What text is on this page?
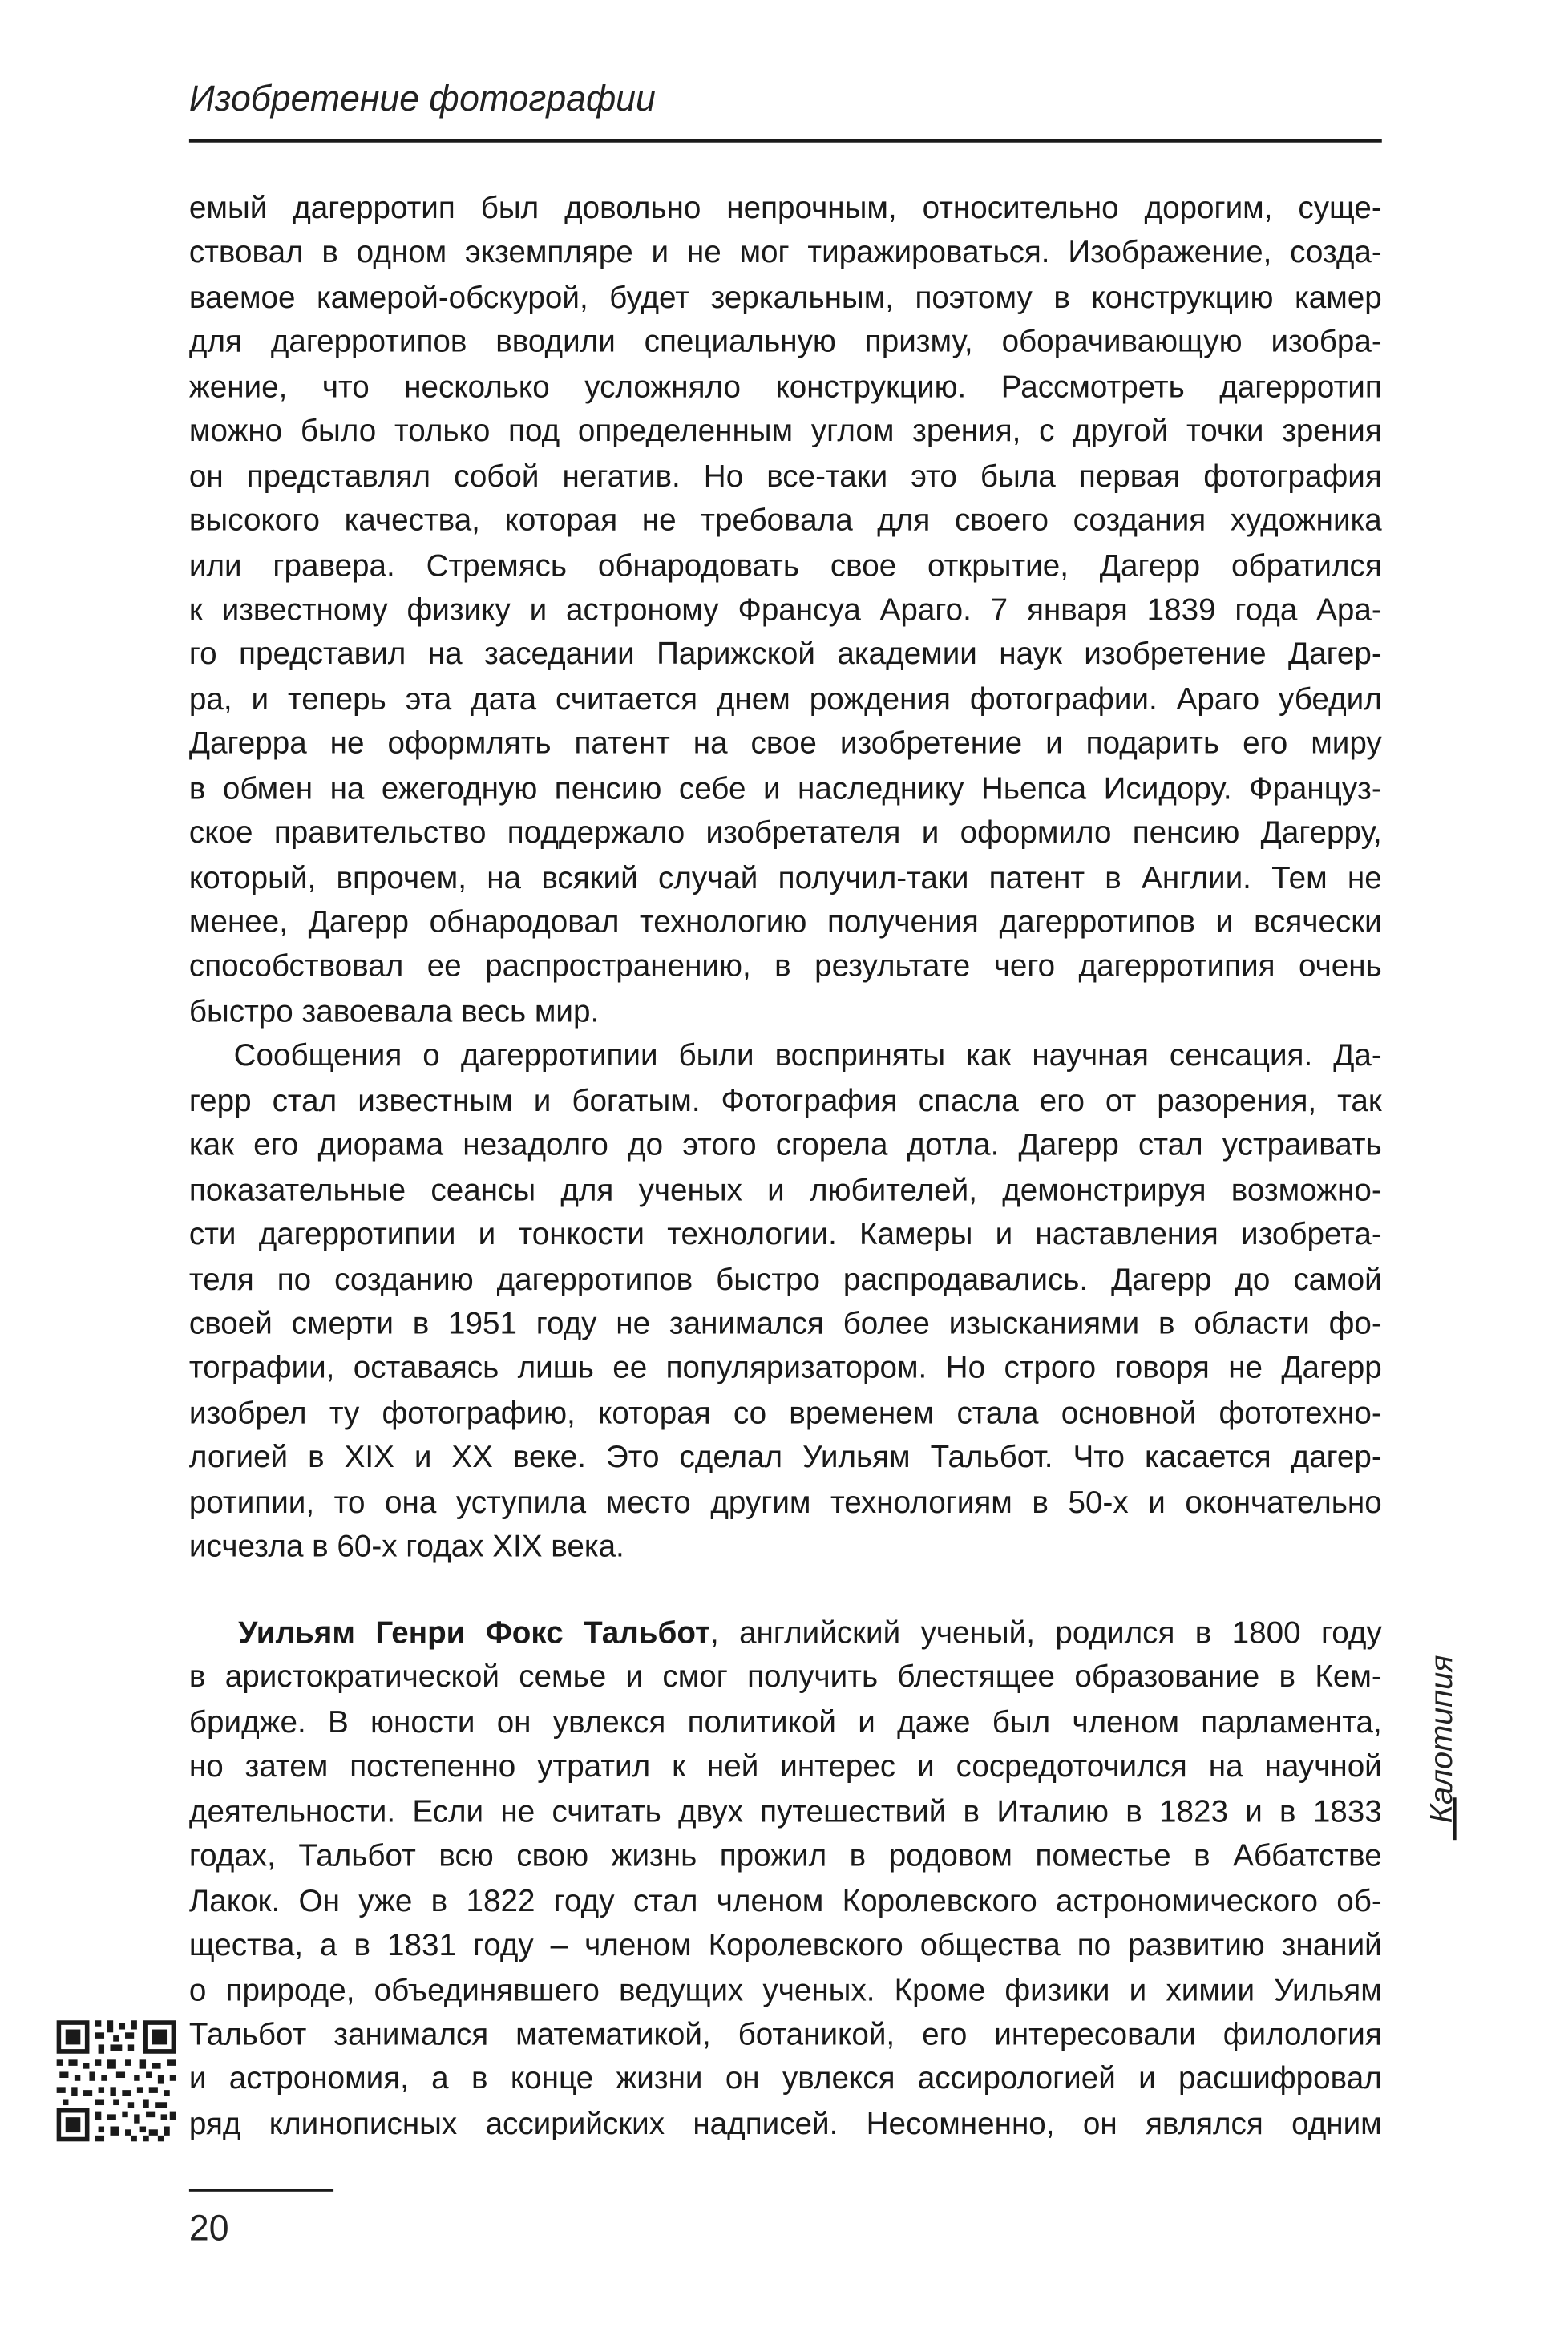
Изобретение фотографии
емый дагерротип был довольно непрочным, относительно дорогим, суще-
ствовал в одном экземпляре и не мог тиражироваться. Изображение, созда-
ваемое камерой-обскурой, будет зеркальным, поэтому в конструкцию камер
для дагерротипов вводили специальную призму, оборачивающую изобра-
жение, что несколько усложняло конструкцию. Рассмотреть дагерротип
можно было только под определенным углом зрения, с другой точки зрения
он представлял собой негатив. Но все-таки это была первая фотография
высокого качества, которая не требовала для своего создания художника
или гравера. Стремясь обнародовать свое открытие, Дагерр обратился
к известному физику и астроному Франсуа Араго. 7 января 1839 года Ара-
го представил на заседании Парижской академии наук изобретение Дагер-
ра, и теперь эта дата считается днем рождения фотографии. Араго убедил
Дагерра не оформлять патент на свое изобретение и подарить его миру
в обмен на ежегодную пенсию себе и наследнику Ньепса Исидору. Француз-
ское правительство поддержало изобретателя и оформило пенсию Дагерру,
который, впрочем, на всякий случай получил-таки патент в Англии. Тем не
менее, Дагерр обнародовал технологию получения дагерротипов и всячески
способствовал ее распространению, в результате чего дагерротипия очень
быстро завоевала весь мир.
Сообщения о дагерротипии были восприняты как научная сенсация. Да-
герр стал известным и богатым. Фотография спасла его от разорения, так
как его диорама незадолго до этого сгорела дотла. Дагерр стал устраивать
показательные сеансы для ученых и любителей, демонстрируя возможно-
сти дагерротипии и тонкости технологии. Камеры и наставления изобрета-
теля по созданию дагерротипов быстро распродавались. Дагерр до самой
своей смерти в 1951 году не занимался более изысканиями в области фо-
тографии, оставаясь лишь ее популяризатором. Но строго говоря не Дагерр
изобрел ту фотографию, которая со временем стала основной фототехно-
логией в XIX и XX веке. Это сделал Уильям Тальбот. Что касается дагер-
ротипии, то она уступила место другим технологиям в 50-х и окончательно
исчезла в 60-х годах XIX века.
Уильям Генри Фокс Тальбот, английский ученый, родился в 1800 году
в аристократической семье и смог получить блестящее образование в Кем-
бридже. В юности он увлекся политикой и даже был членом парламента,
но затем постепенно утратил к ней интерес и сосредоточился на научной
деятельности. Если не считать двух путешествий в Италию в 1823 и в 1833
годах, Тальбот всю свою жизнь прожил в родовом поместье в Аббатстве
Лакок. Он уже в 1822 году стал членом Королевского астрономического об-
щества, а в 1831 году – членом Королевского общества по развитию знаний
о природе, объединявшего ведущих ученых. Кроме физики и химии Уильям
Тальбот занимался математикой, ботаникой, его интересовали филология
и астрономия, а в конце жизни он увлекся ассирологией и расшифровал
ряд клинописных ассирийских надписей. Несомненно, он являлся одним
Калотипия
20
